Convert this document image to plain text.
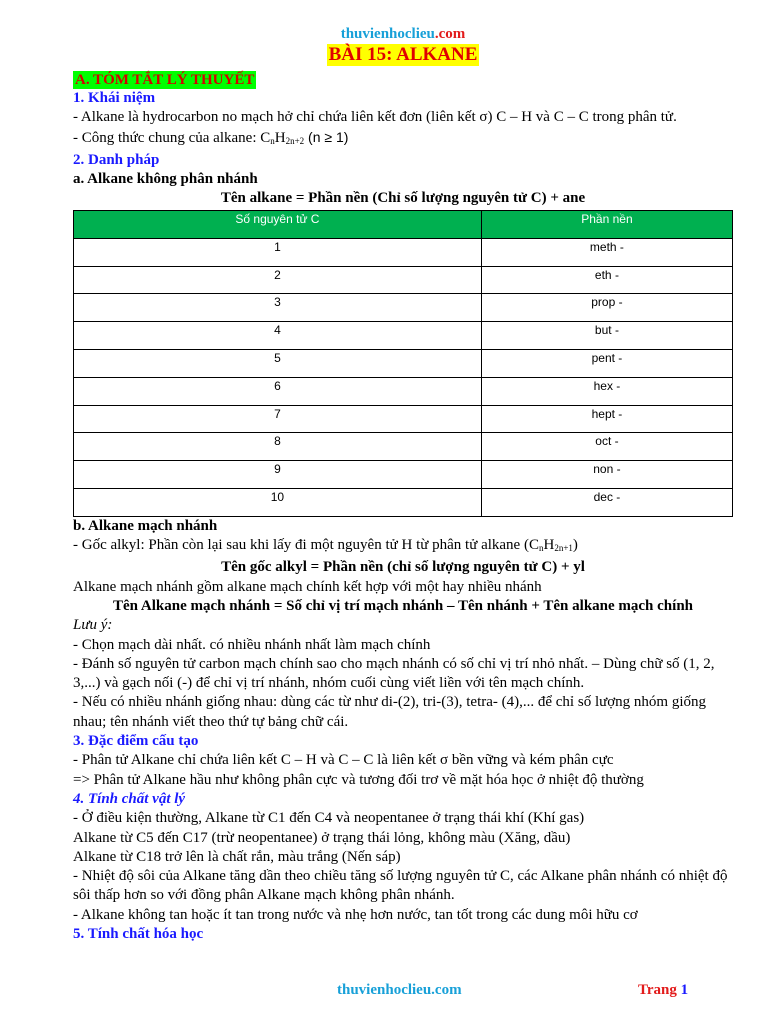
thuvienhoclieu.com
BÀI 15: ALKANE
A. TÓM TẮT LÝ THUYẾT
1. Khái niệm
- Alkane là hydrocarbon no mạch hở chỉ chứa liên kết đơn (liên kết σ) C – H và C – C trong phân tử.
- Công thức chung của alkane: $C_nH_{2n+2}$ (n ≥ 1)
2. Danh pháp
a. Alkane không phân nhánh
Tên alkane = Phần nền (Chỉ số lượng nguyên tử C) + ane
Số nguyên tử C	Phần nền
1	meth -
2	eth -
3	prop -
4	but -
5	pent -
6	hex -
7	hept -
8	oct -
9	non -
10	dec -
b. Alkane mạch nhánh
- Gốc alkyl: Phần còn lại sau khi lấy đi một nguyên tử H từ phân tử alkane $(C_nH_{2n+1})$
Tên gốc alkyl = Phần nền (chỉ số lượng nguyên tử C) + yl
Alkane mạch nhánh gồm alkane mạch chính kết hợp với một hay nhiều nhánh
Tên Alkane mạch nhánh = Số chỉ vị trí mạch nhánh – Tên nhánh + Tên alkane mạch chính
Lưu ý:
- Chọn mạch dài nhất. có nhiều nhánh nhất làm mạch chính
- Đánh số nguyên tử carbon mạch chính sao cho mạch nhánh có số chỉ vị trí nhỏ nhất. – Dùng chữ số (1, 2, 3,...) và gạch nối (-) để chỉ vị trí nhánh, nhóm cuối cùng viết liền với tên mạch chính.
- Nếu có nhiều nhánh giống nhau: dùng các từ như di-(2), tri-(3), tetra- (4),... để chỉ số lượng nhóm giống nhau; tên nhánh viết theo thứ tự bảng chữ cái.
3. Đặc điểm cấu tạo
- Phân tử Alkane chỉ chứa liên kết C – H và C – C là liên kết σ bền vững và kém phân cực
=> Phân tử Alkane hầu như không phân cực và tương đối trơ về mặt hóa học ở nhiệt độ thường
4. Tính chất vật lý
- Ở điều kiện thường, Alkane từ C1 đến C4 và neopentanee ở trạng thái khí (Khí gas)
Alkane từ C5 đến C17 (trừ neopentanee) ở trạng thái lỏng, không màu (Xăng, dầu)
Alkane từ C18 trở lên là chất rắn, màu trắng (Nến sáp)
- Nhiệt độ sôi của Alkane tăng dần theo chiều tăng số lượng nguyên tử C, các Alkane phân nhánh có nhiệt độ sôi thấp hơn so với đồng phân Alkane mạch không phân nhánh.
- Alkane không tan hoặc ít tan trong nước và nhẹ hơn nước, tan tốt trong các dung môi hữu cơ
5. Tính chất hóa học
thuvienhoclieu.com	Trang 1
